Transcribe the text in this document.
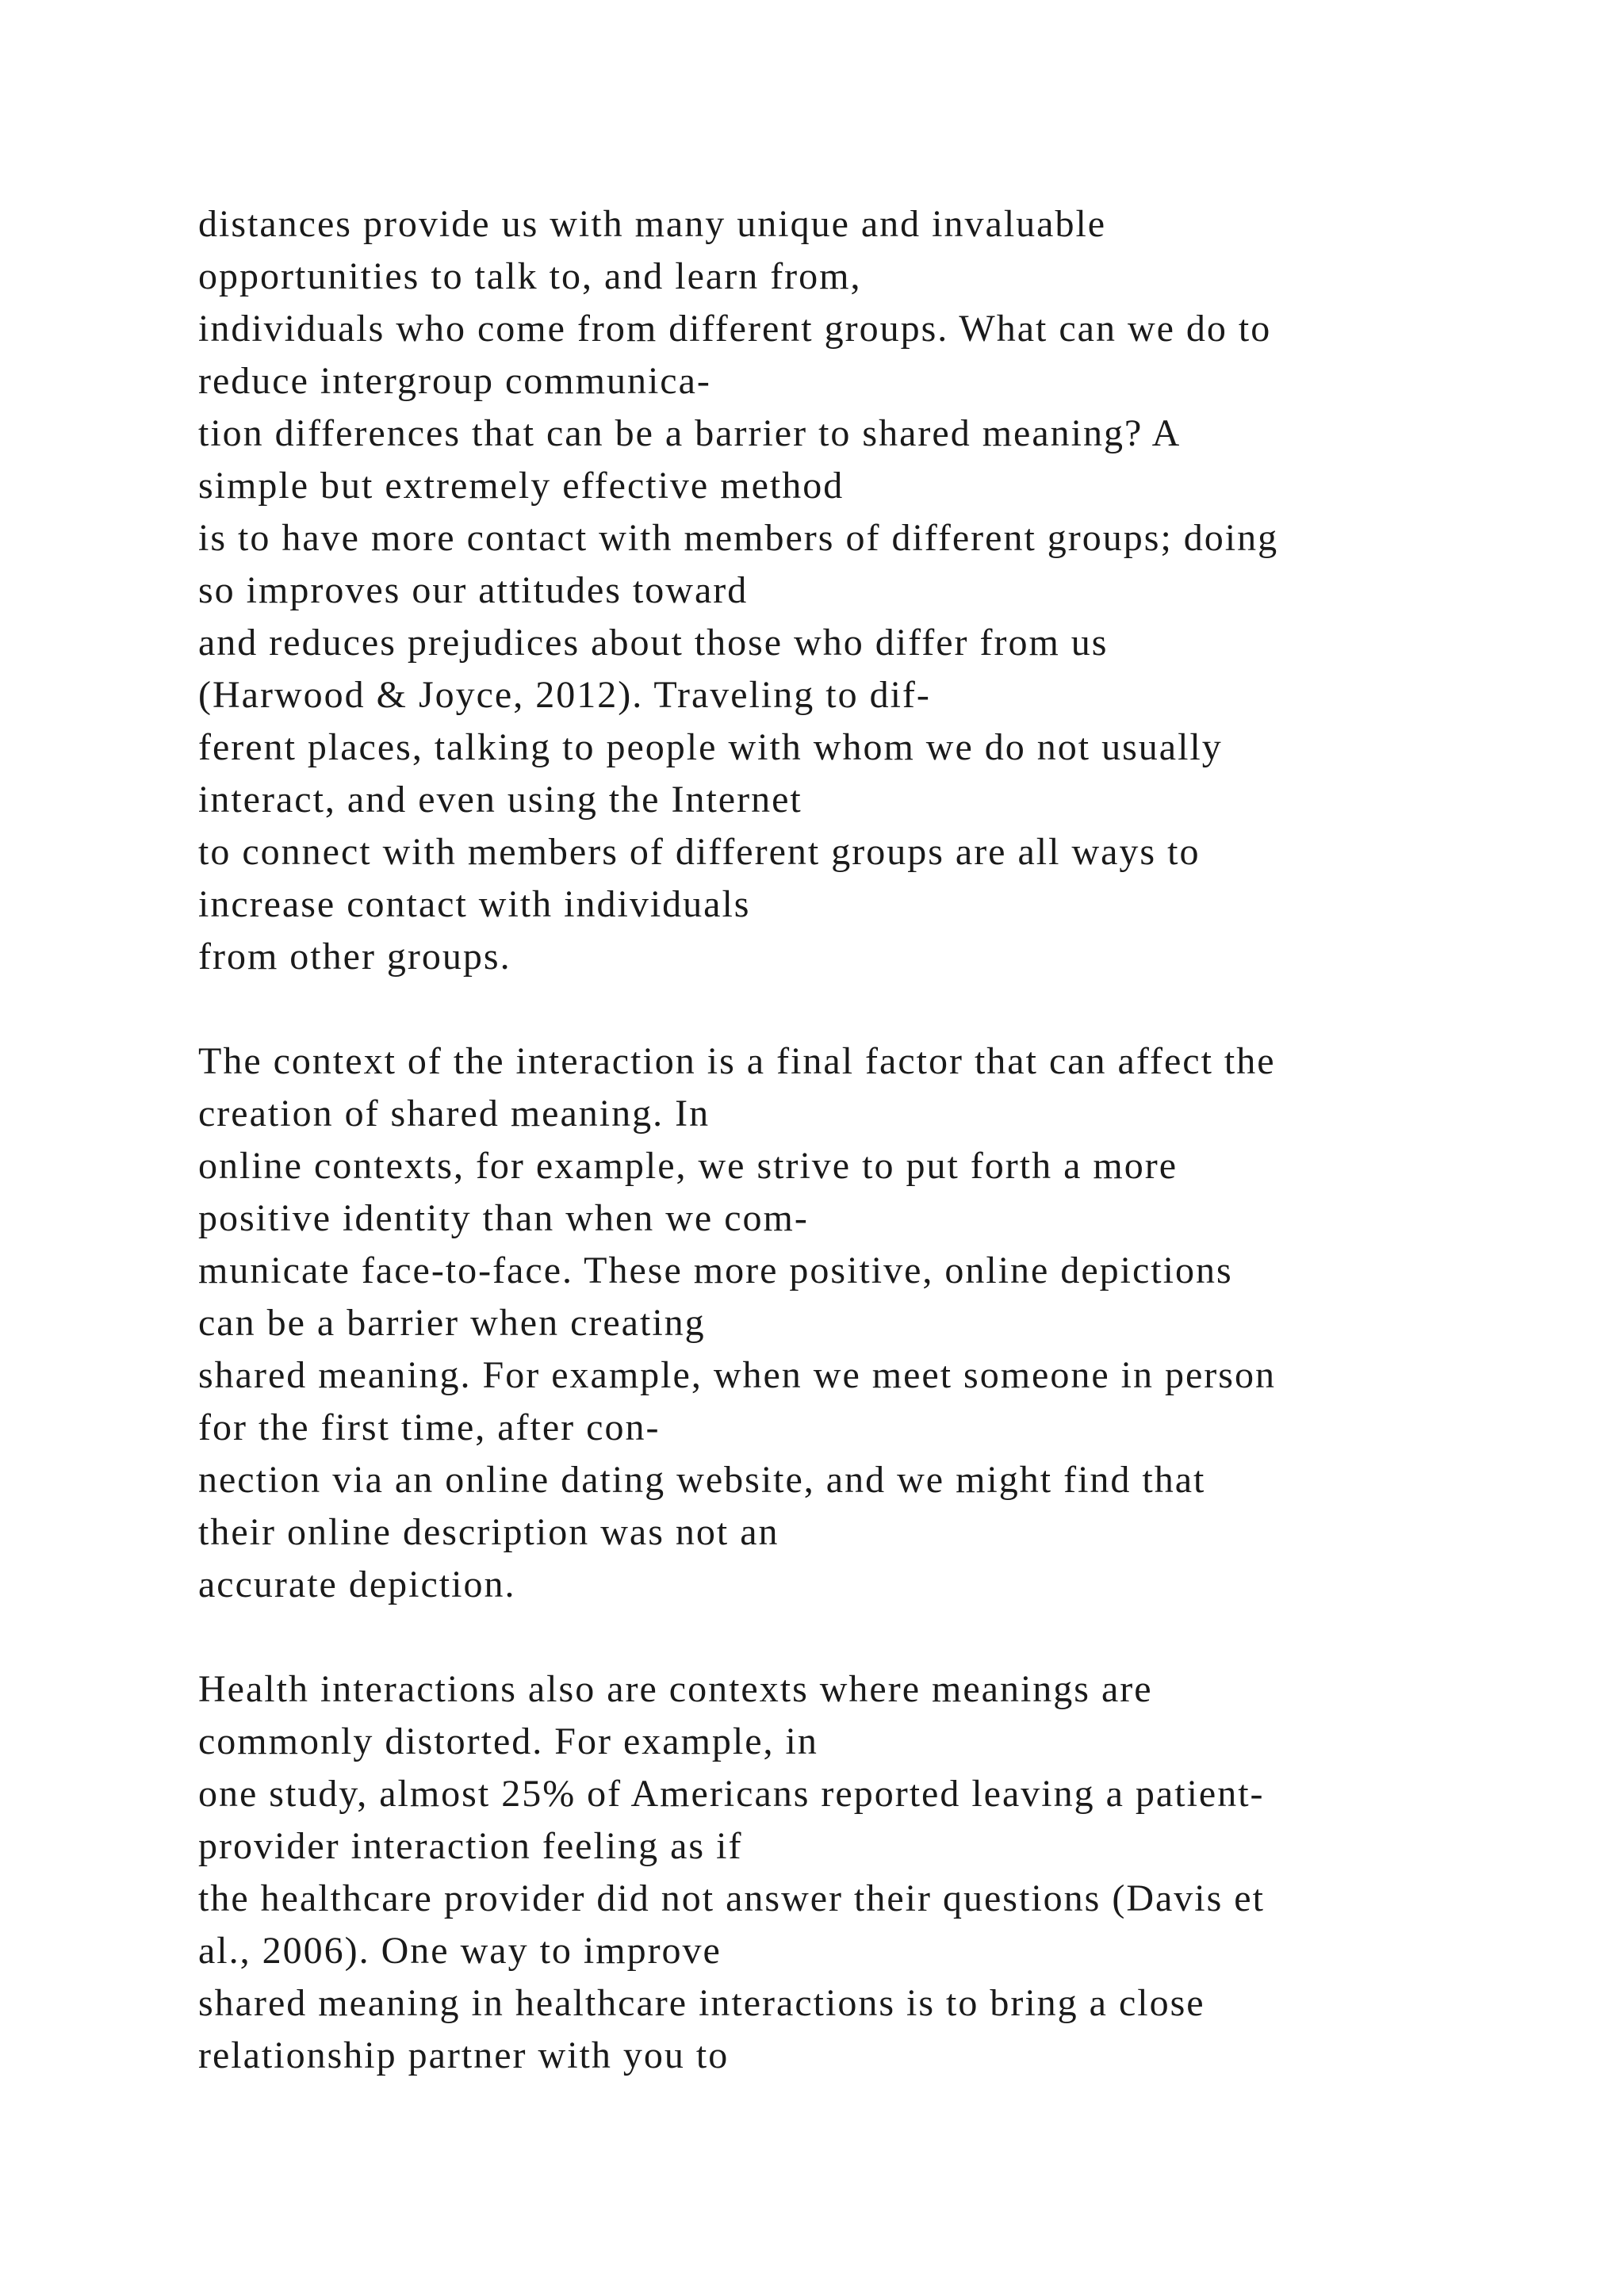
distances provide us with many unique and invaluable
opportunities to talk to, and learn from,
individuals who come from different groups. What can we do to
reduce intergroup communica-
tion differences that can be a barrier to shared meaning? A
simple but extremely effective method
is to have more contact with members of different groups; doing
so improves our attitudes toward
and reduces prejudices about those who differ from us
(Harwood & Joyce, 2012). Traveling to dif-
ferent places, talking to people with whom we do not usually
interact, and even using the Internet
to connect with members of different groups are all ways to
increase contact with individuals
from other groups.
The context of the interaction is a final factor that can affect the
creation of shared meaning. In
online contexts, for example, we strive to put forth a more
positive identity than when we com-
municate face-to-face. These more positive, online depictions
can be a barrier when creating
shared meaning. For example, when we meet someone in person
for the first time, after con-
nection via an online dating website, and we might find that
their online description was not an
accurate depiction.
Health interactions also are contexts where meanings are
commonly distorted. For example, in
one study, almost 25% of Americans reported leaving a patient-
provider interaction feeling as if
the healthcare provider did not answer their questions (Davis et
al., 2006). One way to improve
shared meaning in healthcare interactions is to bring a close
relationship partner with you to
